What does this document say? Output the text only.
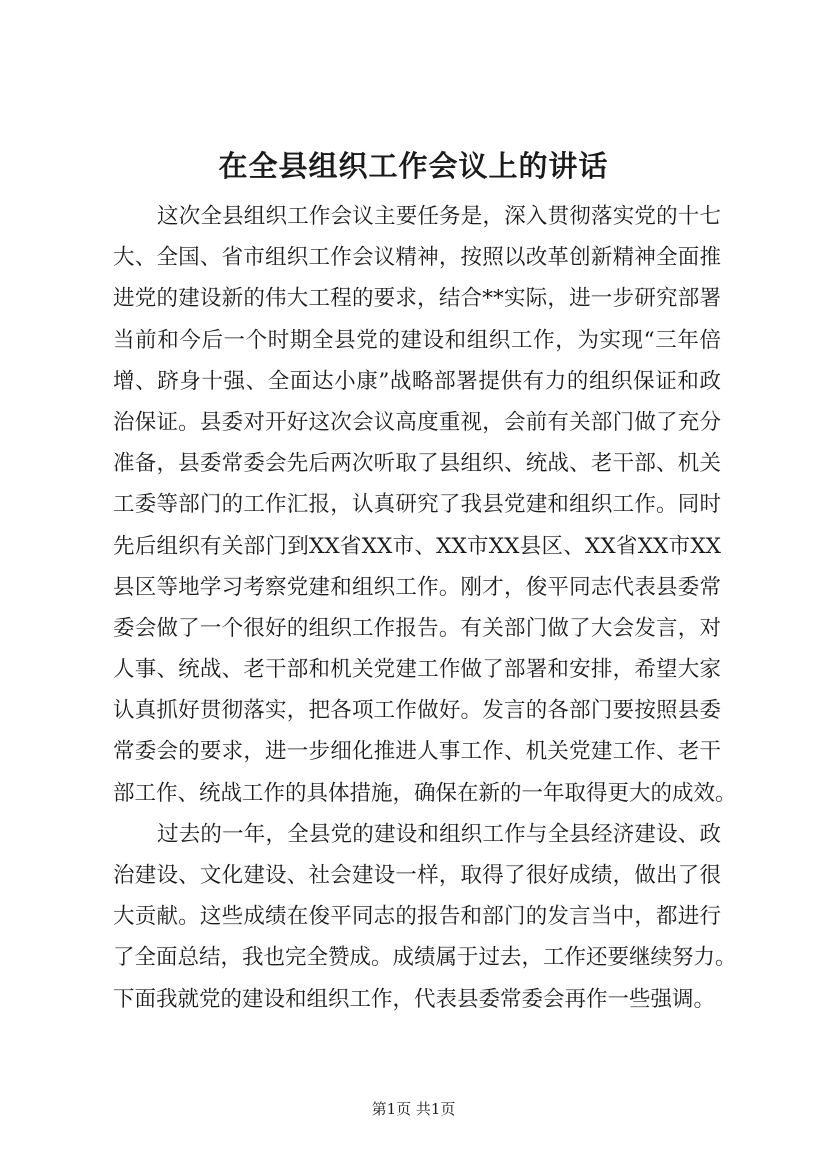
在全县组织工作会议上的讲话
这次全县组织工作会议主要任务是，深入贯彻落实党的十七
大、全国、省市组织工作会议精神，按照以改革创新精神全面推
进党的建设新的伟大工程的要求，结合**实际，进一步研究部署
当前和今后一个时期全县党的建设和组织工作，为实现“三年倍
增、跻身十强、全面达小康”战略部署提供有力的组织保证和政
治保证。县委对开好这次会议高度重视，会前有关部门做了充分
准备，县委常委会先后两次听取了县组织、统战、老干部、机关
工委等部门的工作汇报，认真研究了我县党建和组织工作。同时
先后组织有关部门到XX省XX市、XX市XX县区、XX省XX市XX
县区等地学习考察党建和组织工作。刚才，俊平同志代表县委常
委会做了一个很好的组织工作报告。有关部门做了大会发言，对
人事、统战、老干部和机关党建工作做了部署和安排，希望大家
认真抓好贯彻落实，把各项工作做好。发言的各部门要按照县委
常委会的要求，进一步细化推进人事工作、机关党建工作、老干
部工作、统战工作的具体措施，确保在新的一年取得更大的成效。
过去的一年，全县党的建设和组织工作与全县经济建设、政
治建设、文化建设、社会建设一样，取得了很好成绩，做出了很
大贡献。这些成绩在俊平同志的报告和部门的发言当中，都进行
了全面总结，我也完全赞成。成绩属于过去，工作还要继续努力。
下面我就党的建设和组织工作，代表县委常委会再作一些强调。
第1页 共1页
